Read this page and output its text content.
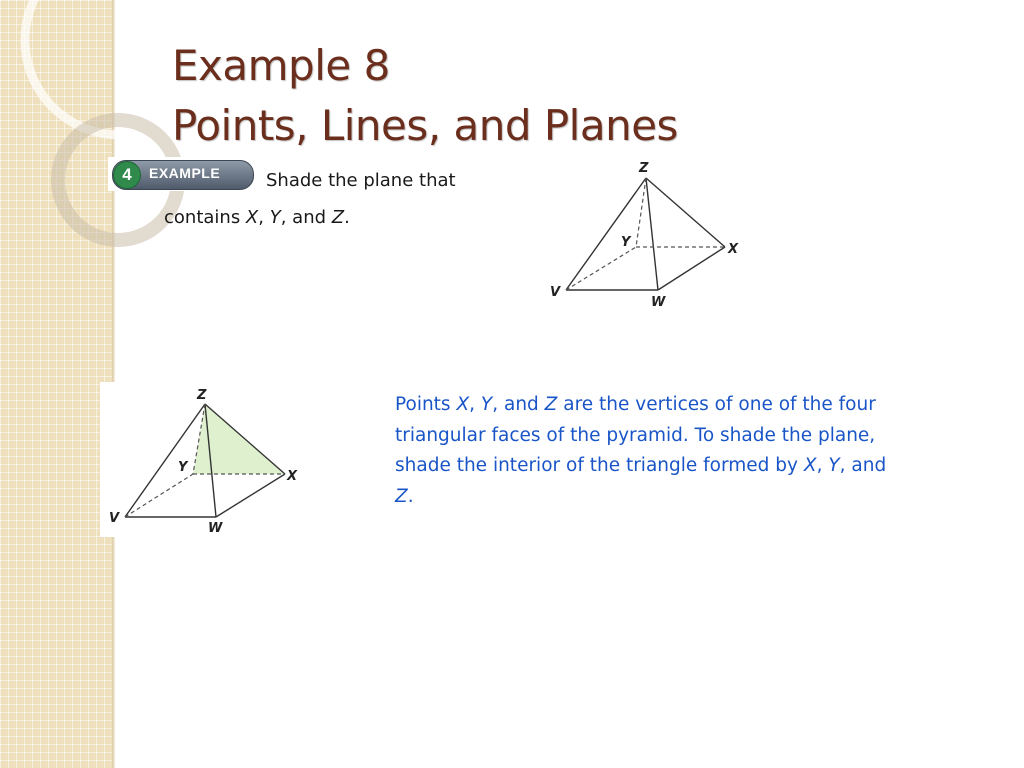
Example 8
Points, Lines, and Planes
4	EXAMPLE	Shade the plane that
contains X, Y, and Z.
Z
Y	X
V
W
Z
Y
X
V
W

Points X, Y, and Z are the vertices of one of the four triangular faces of the pyramid. To shade the plane, shade the interior of the triangle formed by X, Y, and Z.
